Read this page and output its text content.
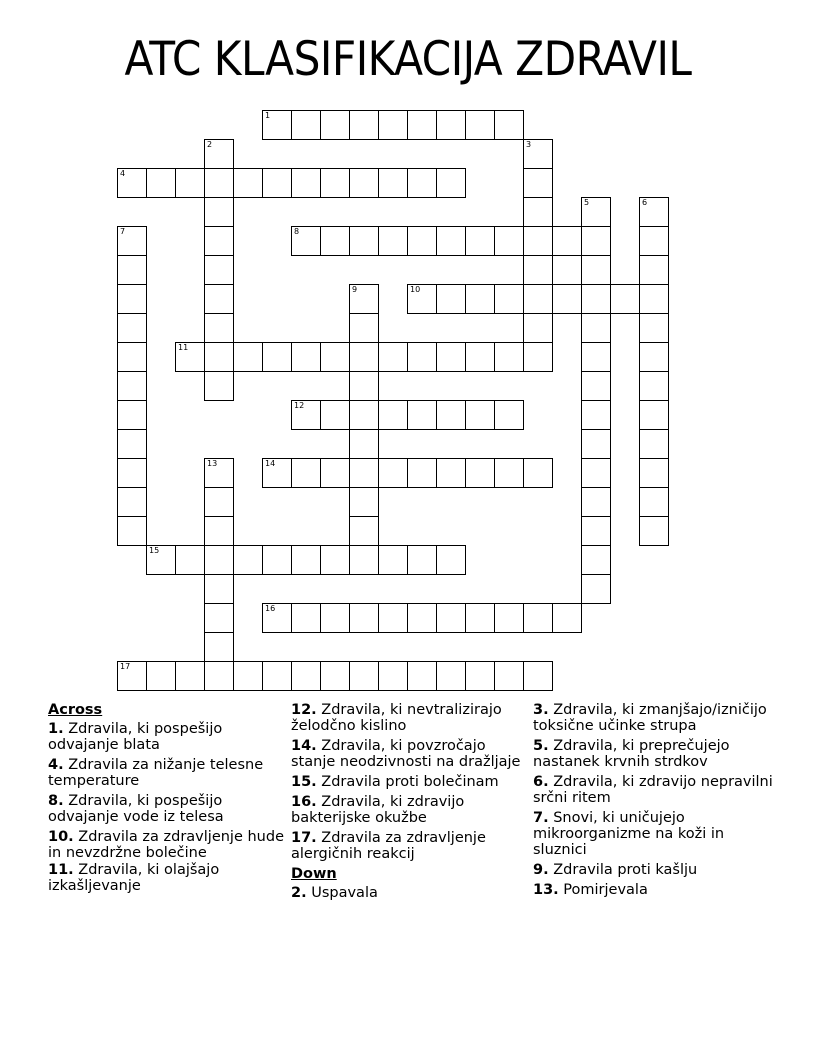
ATC KLASIFIKACIJA ZDRAVIL
1
2	3
4
5	6
7	8
9	10
11
12
13	14
15
16
17
Across
1. Zdravila, ki pospešijo odvajanje blata
4. Zdravila za nižanje telesne temperature
8. Zdravila, ki pospešijo odvajanje vode iz telesa
10. Zdravila za zdravljenje hude in nevzdržne bolečine
11. Zdravila, ki olajšajo izkašljevanje
12. Zdravila, ki nevtralizirajo želodčno kislino
14. Zdravila, ki povzročajo stanje neodzivnosti na dražljaje
15. Zdravila proti bolečinam
16. Zdravila, ki zdravijo bakterijske okužbe
17. Zdravila za zdravljenje alergičnih reakcij
Down
2. Uspavala
3. Zdravila, ki zmanjšajo/izničijo toksične učinke strupa
5. Zdravila, ki preprečujejo nastanek krvnih strdkov
6. Zdravila, ki zdravijo nepravilni srčni ritem
7. Snovi, ki uničujejo mikroorganizme na koži in sluznici
9. Zdravila proti kašlju
13. Pomirjevala
